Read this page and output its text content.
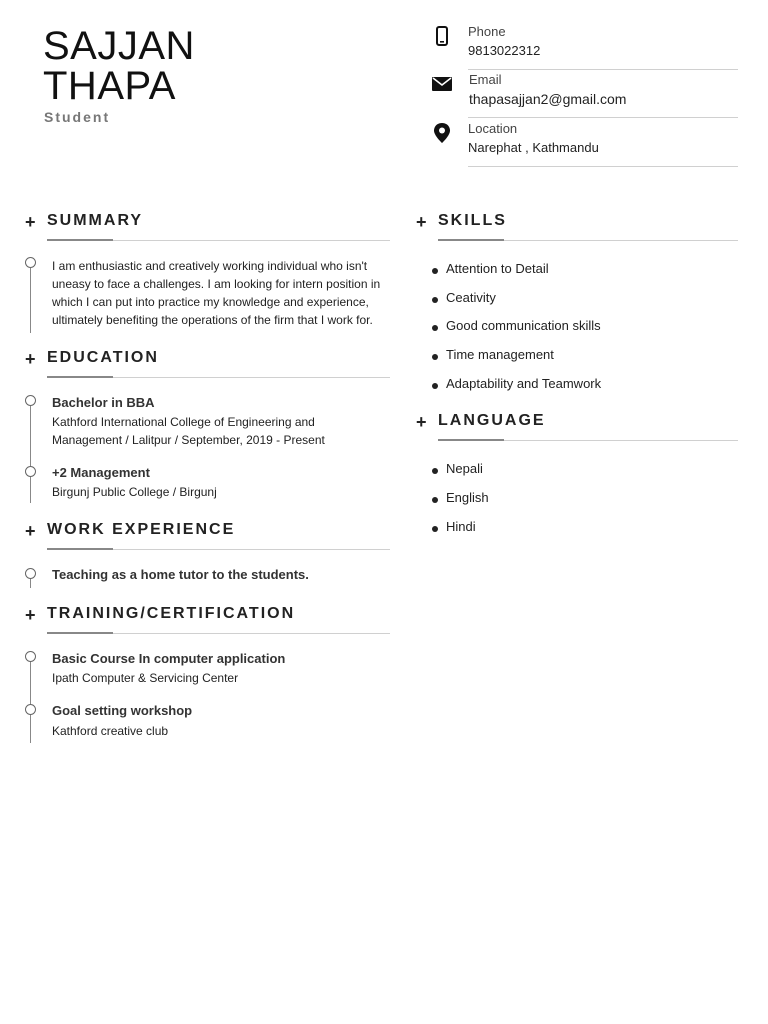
SAJJAN
THAPA
Student
Phone
9813022312
Email
thapasajjan2@gmail.com
Location
Narephat , Kathmandu
+ SUMMARY
I am enthusiastic and creatively working individual who isn't
uneasy to face a challenges. I am looking for intern position in
which I can put into practice my knowledge and experience,
ultimately benefiting the operations of the firm that I work for.
+ EDUCATION
Bachelor in BBA
Kathford International College of Engineering and
Management / Lalitpur / September, 2019 - Present
+2 Management
Birgunj Public College / Birgunj
+ WORK EXPERIENCE
Teaching as a home tutor to the students.
+ TRAINING/CERTIFICATION
Basic Course In computer application
Ipath Computer & Servicing Center
Goal setting workshop
Kathford creative club
+ SKILLS
Attention to Detail
Ceativity
Good communication skills
Time management
Adaptability and Teamwork
+ LANGUAGE
Nepali
English
Hindi
